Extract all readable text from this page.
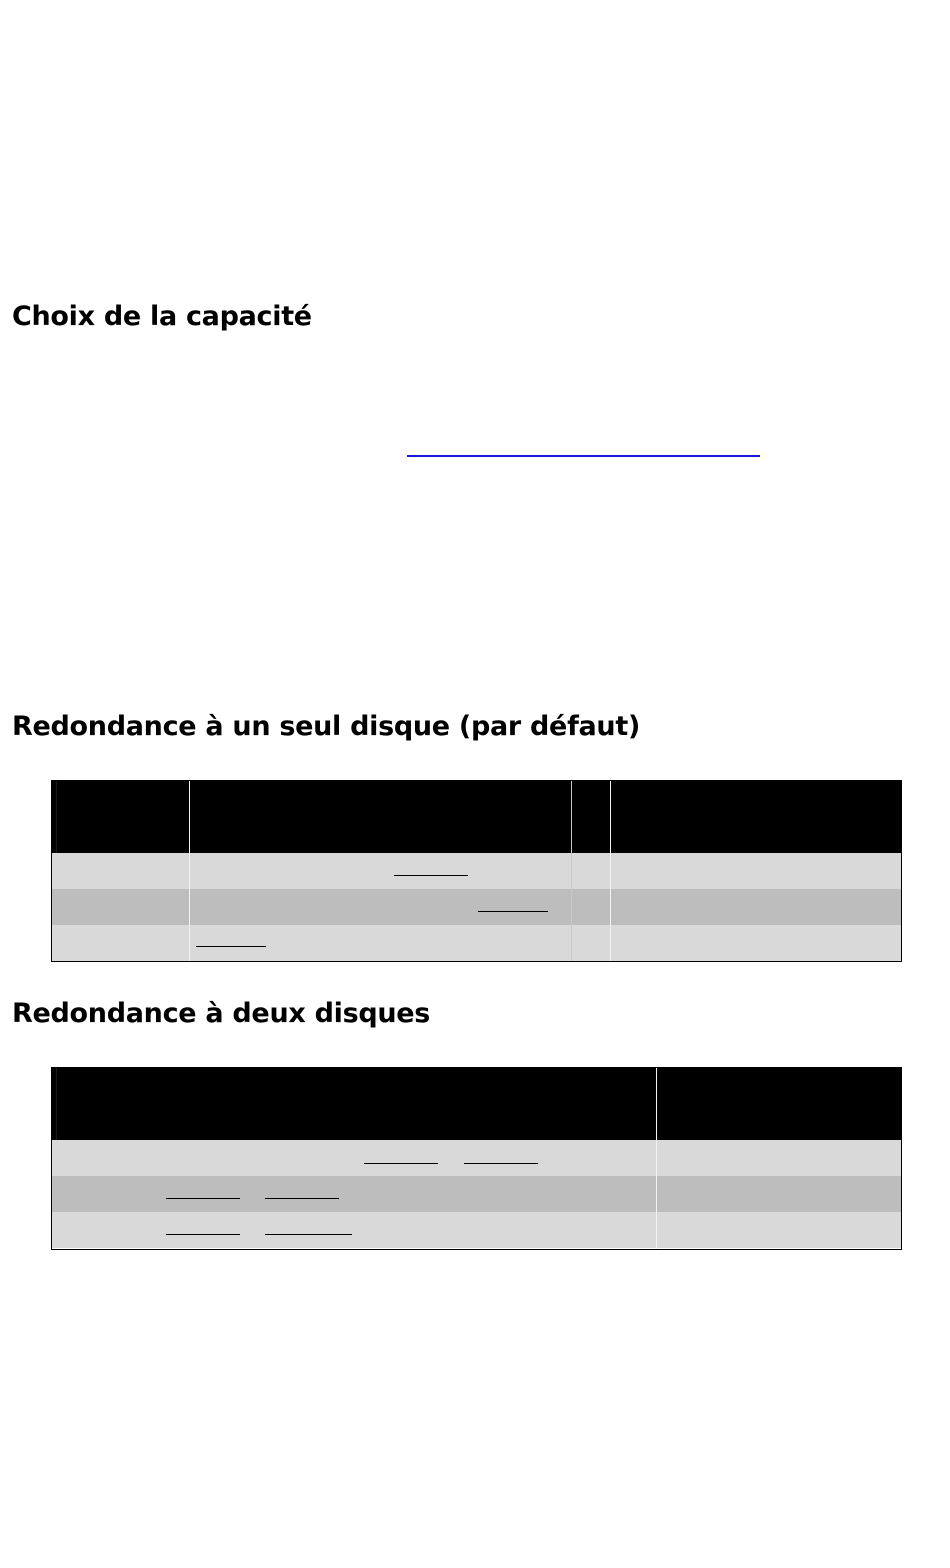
Choix de la capacité
Redondance à un seul disque (par défaut)
Redondance à deux disques
